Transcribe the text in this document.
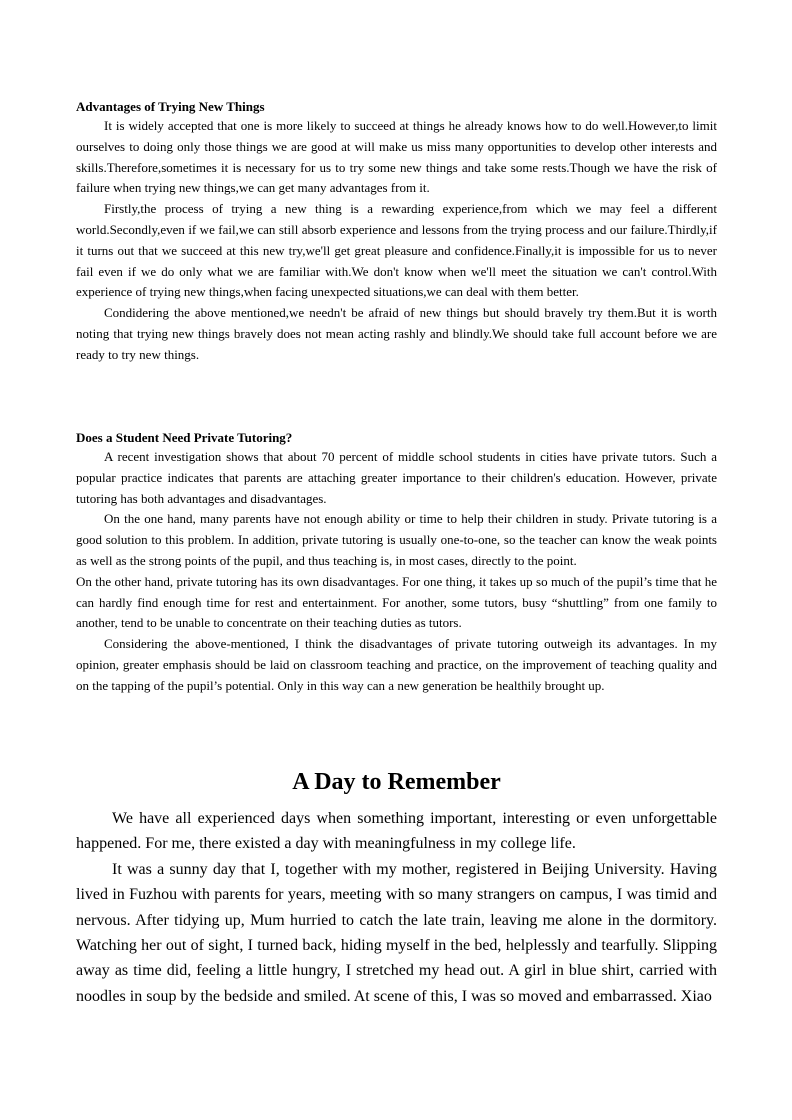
Advantages of Trying New Things

It is widely accepted that one is more likely to succeed at things he already knows how to do well.However,to limit ourselves to doing only those things we are good at will make us miss many opportunities to develop other interests and skills.Therefore,sometimes it is necessary for us to try some new things and take some rests.Though we have the risk of failure when trying new things,we can get many advantages from it.

Firstly,the process of trying a new thing is a rewarding experience,from which we may feel a different world.Secondly,even if we fail,we can still absorb experience and lessons from the trying process and our failure.Thirdly,if it turns out that we succeed at this new try,we'll get great pleasure and confidence.Finally,it is impossible for us to never fail even if we do only what we are familiar with.We don't know when we'll meet the situation we can't control.With experience of trying new things,when facing unexpected situations,we can deal with them better.

Condidering the above mentioned,we needn't be afraid of new things but should bravely try them.But it is worth noting that trying new things bravely does not mean acting rashly and blindly.We should take full account before we are ready to try new things.

Does a Student Need Private Tutoring?

A recent investigation shows that about 70 percent of middle school students in cities have private tutors. Such a popular practice indicates that parents are attaching greater importance to their children's education. However, private tutoring has both advantages and disadvantages.

On the one hand, many parents have not enough ability or time to help their children in study. Private tutoring is a good solution to this problem. In addition, private tutoring is usually one-to-one, so the teacher can know the weak points as well as the strong points of the pupil, and thus teaching is, in most cases, directly to the point.

On the other hand, private tutoring has its own disadvantages. For one thing, it takes up so much of the pupil’s time that he can hardly find enough time for rest and entertainment. For another, some tutors, busy “shuttling” from one family to another, tend to be unable to concentrate on their teaching duties as tutors.

Considering the above-mentioned, I think the disadvantages of private tutoring outweigh its advantages. In my opinion, greater emphasis should be laid on classroom teaching and practice, on the improvement of teaching quality and on the tapping of the pupil’s potential. Only in this way can a new generation be healthily brought up.

A Day to Remember

We have all experienced days when something important, interesting or even unforgettable happened. For me, there existed a day with meaningfulness in my college life.

It was a sunny day that I, together with my mother, registered in Beijing University. Having lived in Fuzhou with parents for years, meeting with so many strangers on campus, I was timid and nervous. After tidying up, Mum hurried to catch the late train, leaving me alone in the dormitory. Watching her out of sight, I turned back, hiding myself in the bed, helplessly and tearfully. Slipping away as time did, feeling a little hungry, I stretched my head out. A girl in blue shirt, carried with noodles in soup by the bedside and smiled. At scene of this, I was so moved and embarrassed. Xiao
